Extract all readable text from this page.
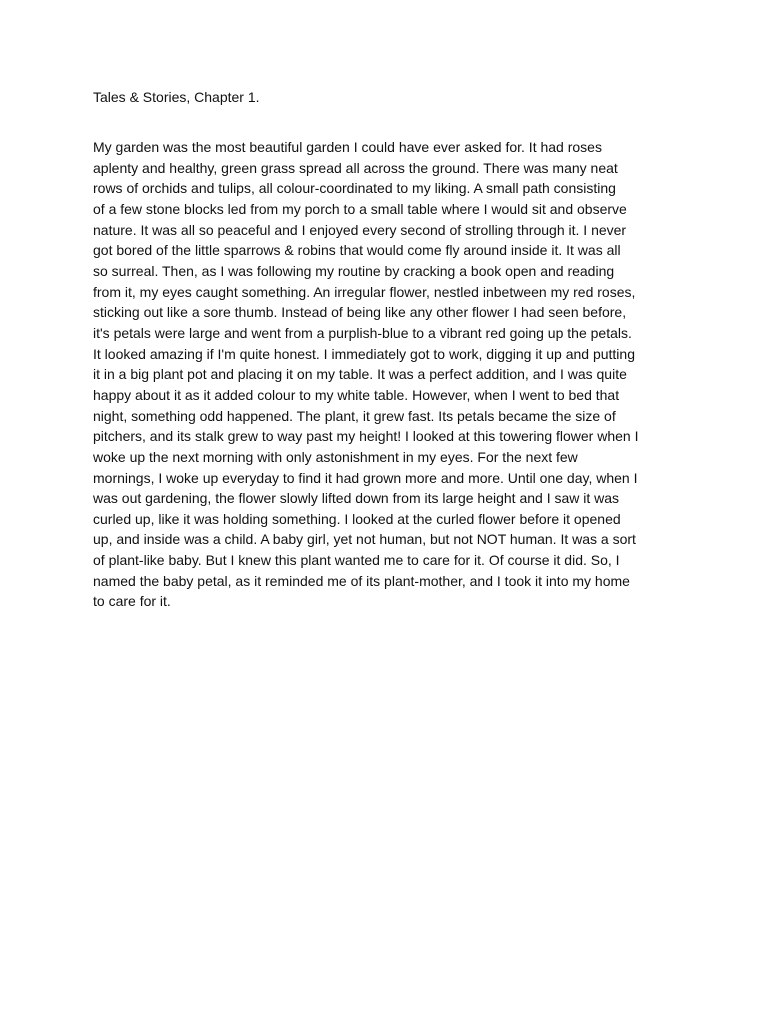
Tales & Stories, Chapter 1.
My garden was the most beautiful garden I could have ever asked for. It had roses
aplenty and healthy, green grass spread all across the ground. There was many neat
rows of orchids and tulips, all colour-coordinated to my liking. A small path consisting
of a few stone blocks led from my porch to a small table where I would sit and observe
nature. It was all so peaceful and I enjoyed every second of strolling through it. I never
got bored of the little sparrows & robins that would come fly around inside it. It was all
so surreal. Then, as I was following my routine by cracking a book open and reading
from it, my eyes caught something. An irregular flower, nestled inbetween my red roses,
sticking out like a sore thumb. Instead of being like any other flower I had seen before,
it's petals were large and went from a purplish-blue to a vibrant red going up the petals.
It looked amazing if I'm quite honest. I immediately got to work, digging it up and putting
it in a big plant pot and placing it on my table. It was a perfect addition, and I was quite
happy about it as it added colour to my white table. However, when I went to bed that
night, something odd happened. The plant, it grew fast. Its petals became the size of
pitchers, and its stalk grew to way past my height! I looked at this towering flower when I
woke up the next morning with only astonishment in my eyes. For the next few
mornings, I woke up everyday to find it had grown more and more. Until one day, when I
was out gardening, the flower slowly lifted down from its large height and I saw it was
curled up, like it was holding something. I looked at the curled flower before it opened
up, and inside was a child. A baby girl, yet not human, but not NOT human. It was a sort
of plant-like baby. But I knew this plant wanted me to care for it. Of course it did. So, I
named the baby petal, as it reminded me of its plant-mother, and I took it into my home
to care for it.
